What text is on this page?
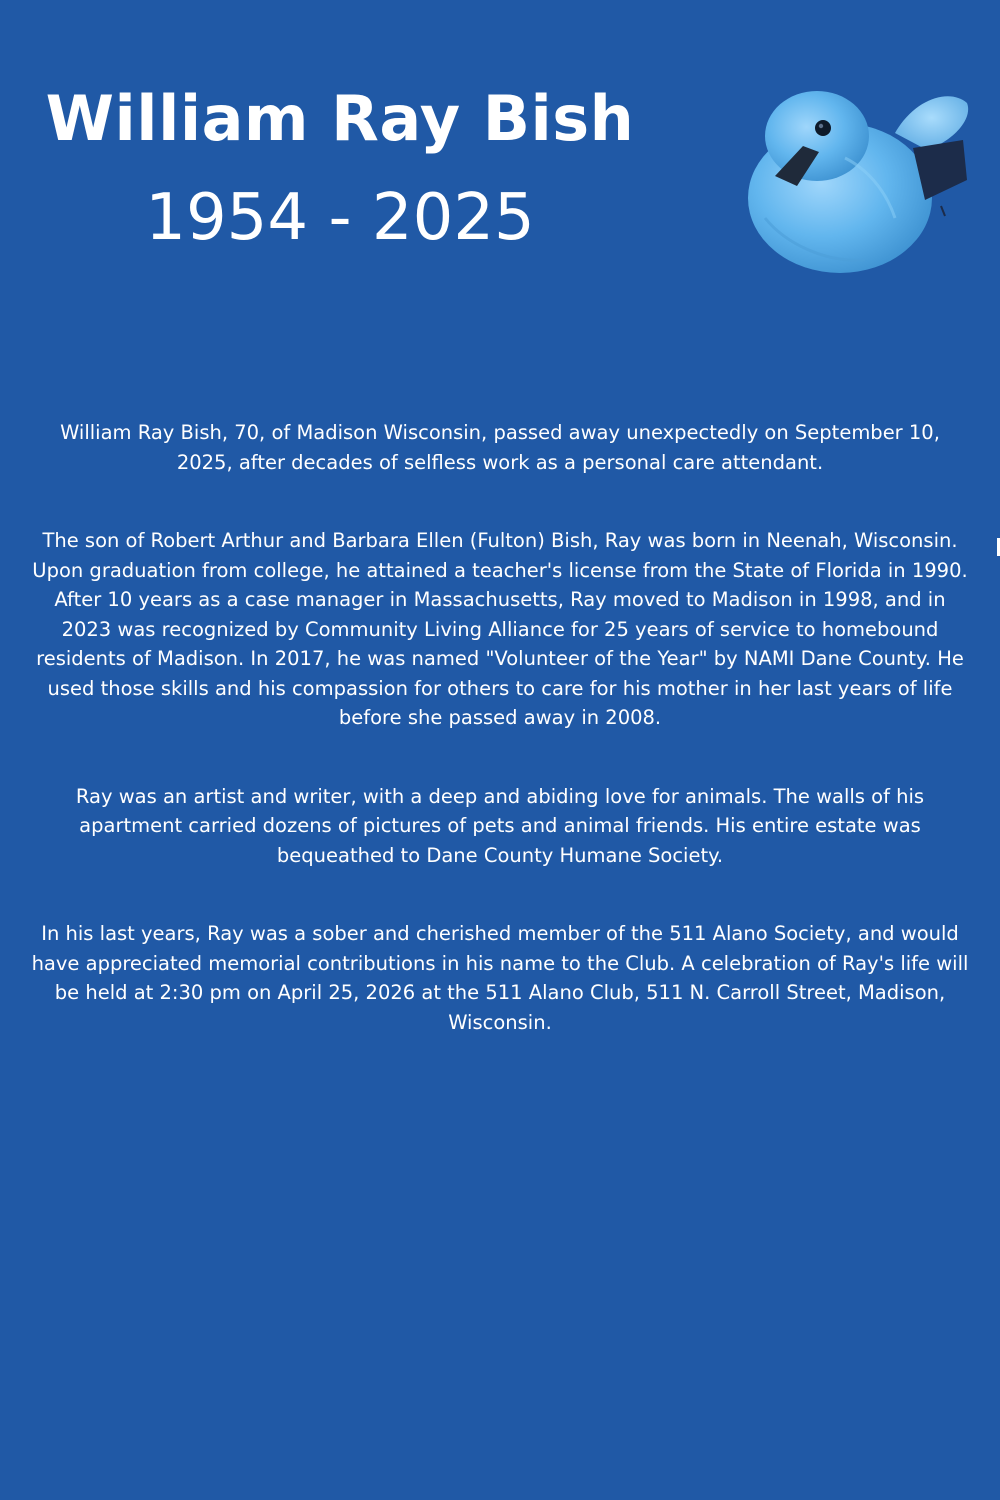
William Ray Bish
1954 - 2025

William Ray Bish, 70, of Madison Wisconsin, passed away unexpectedly on September 10, 2025, after decades of selfless work as a personal care attendant.

The son of Robert Arthur and Barbara Ellen (Fulton) Bish, Ray was born in Neenah, Wisconsin. Upon graduation from college, he attained a teacher's license from the State of Florida in 1990. After 10 years as a case manager in Massachusetts, Ray moved to Madison in 1998, and in 2023 was recognized by Community Living Alliance for 25 years of service to homebound residents of Madison. In 2017, he was named "Volunteer of the Year" by NAMI Dane County. He used those skills and his compassion for others to care for his mother in her last years of life before she passed away in 2008.

Ray was an artist and writer, with a deep and abiding love for animals. The walls of his apartment carried dozens of pictures of pets and animal friends. His entire estate was bequeathed to Dane County Humane Society.

In his last years, Ray was a sober and cherished member of the 511 Alano Society, and would have appreciated memorial contributions in his name to the Club. A celebration of Ray's life will be held at 2:30 pm on April 25, 2026 at the 511 Alano Club, 511 N. Carroll Street, Madison, Wisconsin.
